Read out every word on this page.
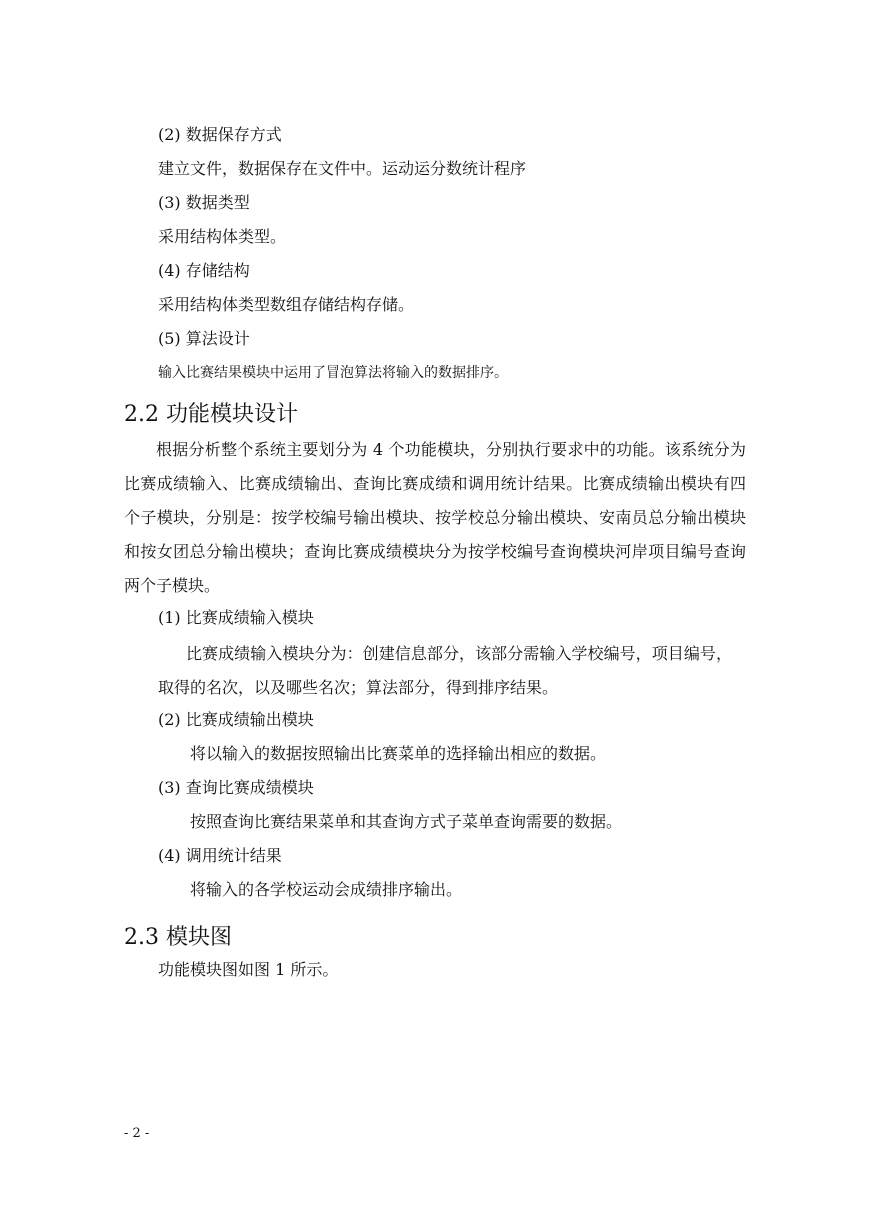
(2) 数据保存方式
建立文件，数据保存在文件中。运动运分数统计程序
(3) 数据类型
采用结构体类型。
(4) 存储结构
采用结构体类型数组存储结构存储。
(5) 算法设计
输入比赛结果模块中运用了冒泡算法将输入的数据排序。
2.2 功能模块设计
根据分析整个系统主要划分为 4 个功能模块，分别执行要求中的功能。该系统分为比赛成绩输入、比赛成绩输出、查询比赛成绩和调用统计结果。比赛成绩输出模块有四个子模块，分别是：按学校编号输出模块、按学校总分输出模块、安南员总分输出模块和按女团总分输出模块；查询比赛成绩模块分为按学校编号查询模块河岸项目编号查询两个子模块。
(1) 比赛成绩输入模块
比赛成绩输入模块分为：创建信息部分，该部分需输入学校编号，项目编号，取得的名次，以及哪些名次；算法部分，得到排序结果。
(2) 比赛成绩输出模块
将以输入的数据按照输出比赛菜单的选择输出相应的数据。
(3) 查询比赛成绩模块
按照查询比赛结果菜单和其查询方式子菜单查询需要的数据。
(4) 调用统计结果
将输入的各学校运动会成绩排序输出。
2.3 模块图
功能模块图如图 1 所示。
- 2 -
